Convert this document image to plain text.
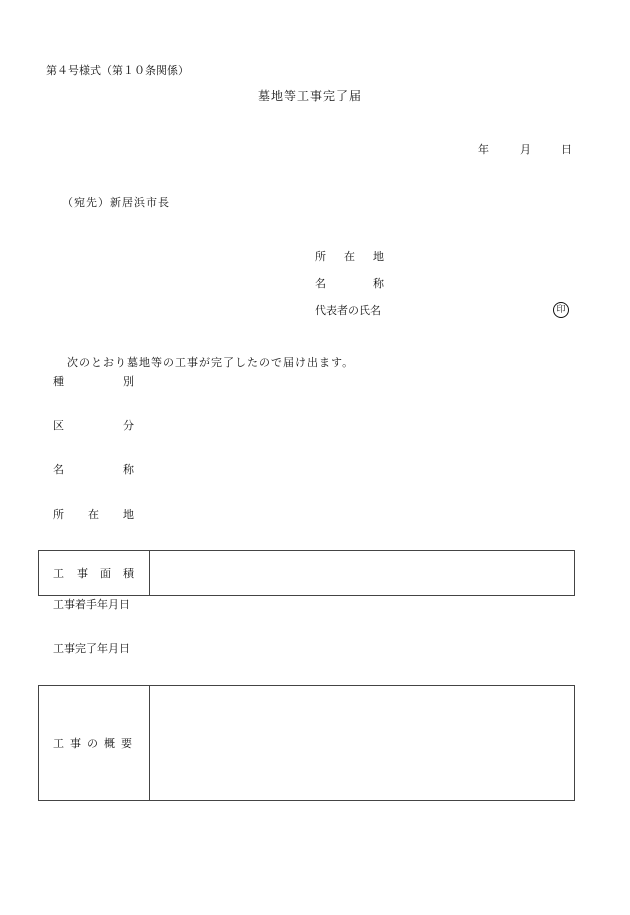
第４号様式（第１０条関係）
墓地等工事完了届
年	月	日
（宛先）新居浜市長
所 在 地
名	称
代表者の氏名	印
次のとおり墓地等の工事が完了したので届け出ます。
種	別
区	分
名	称
所 在 地
工 事 面 積
工事着手年月日
工事完了年月日
工 事 の 概 要
